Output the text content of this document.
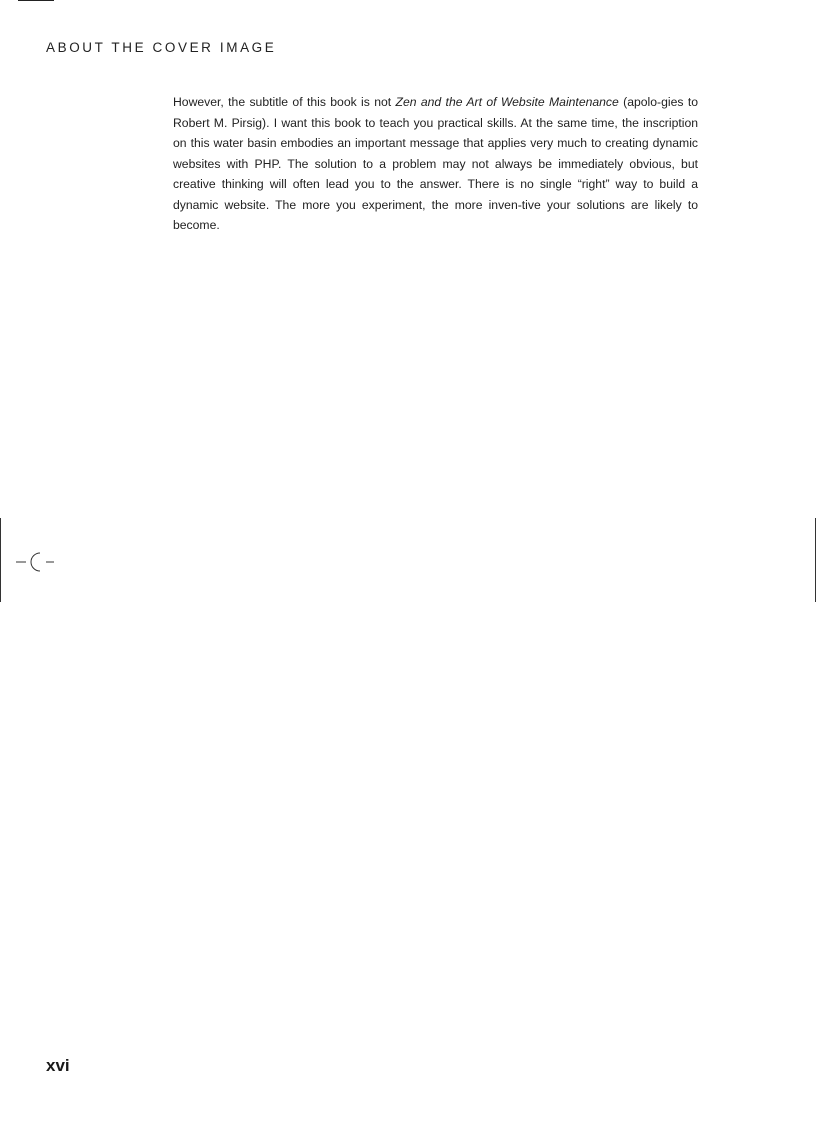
ABOUT THE COVER IMAGE

However, the subtitle of this book is not Zen and the Art of Website Maintenance (apolo-gies to Robert M. Pirsig). I want this book to teach you practical skills. At the same time, the inscription on this water basin embodies an important message that applies very much to creating dynamic websites with PHP. The solution to a problem may not always be immediately obvious, but creative thinking will often lead you to the answer. There is no single “right” way to build a dynamic website. The more you experiment, the more inven-tive your solutions are likely to become.

xvi
